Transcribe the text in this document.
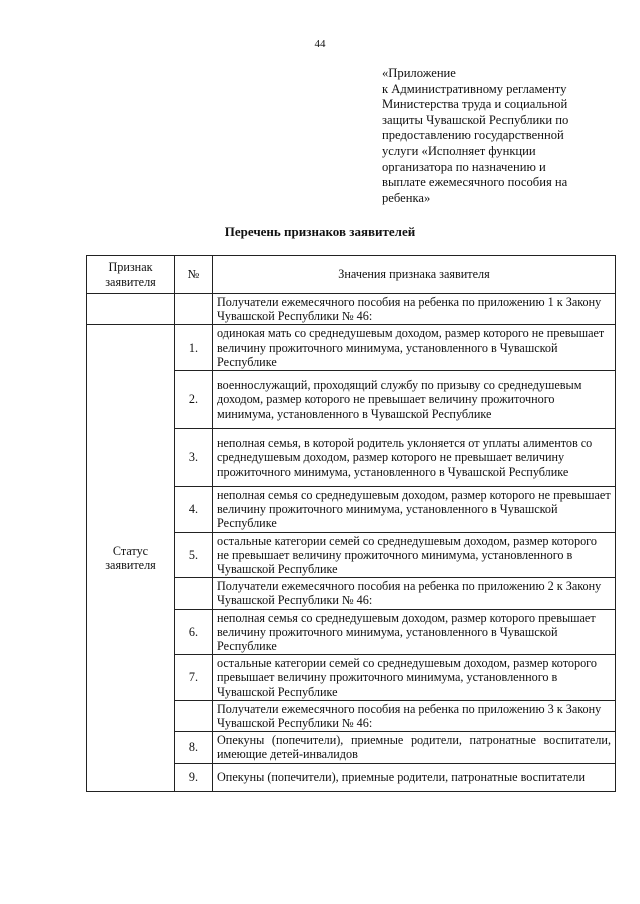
44
«Приложение
к Административному регламенту
Министерства труда и социальной
защиты Чувашской Республики по
предоставлению государственной
услуги «Исполняет функции
организатора по назначению и
выплате ежемесячного пособия на
ребенка»
Перечень признаков заявителей
Признак заявителя	№	Значения признака заявителя
		Получатели ежемесячного пособия на ребенка по приложению 1 к Закону Чувашской Республики № 46:
Статус заявителя	1.	одинокая мать со среднедушевым доходом, размер которого не превышает величину прожиточного минимума, установленного в Чувашской Республике
	2.	военнослужащий, проходящий службу по призыву со среднедушевым доходом, размер которого не превышает величину прожиточного минимума, установленного в Чувашской Республике
	3.	неполная семья, в которой родитель уклоняется от уплаты алиментов со среднедушевым доходом, размер которого не превышает величину прожиточного минимума, установленного в Чувашской Республике
	4.	неполная семья со среднедушевым доходом, размер которого не превышает величину прожиточного минимума, установленного в Чувашской Республике
	5.	остальные категории семей со среднедушевым доходом, размер которого не превышает величину прожиточного минимума, установленного в Чувашской Республике
		Получатели ежемесячного пособия на ребенка по приложению 2 к Закону Чувашской Республики № 46:
	6.	неполная семья со среднедушевым доходом, размер которого превышает величину прожиточного минимума, установленного в Чувашской Республике
	7.	остальные категории семей со среднедушевым доходом, размер которого превышает величину прожиточного минимума, установленного в Чувашской Республике
		Получатели ежемесячного пособия на ребенка по приложению 3 к Закону Чувашской Республики № 46:
	8.	Опекуны (попечители), приемные родители, патронатные воспитатели, имеющие детей-инвалидов
	9.	Опекуны (попечители), приемные родители, патронатные воспитатели
